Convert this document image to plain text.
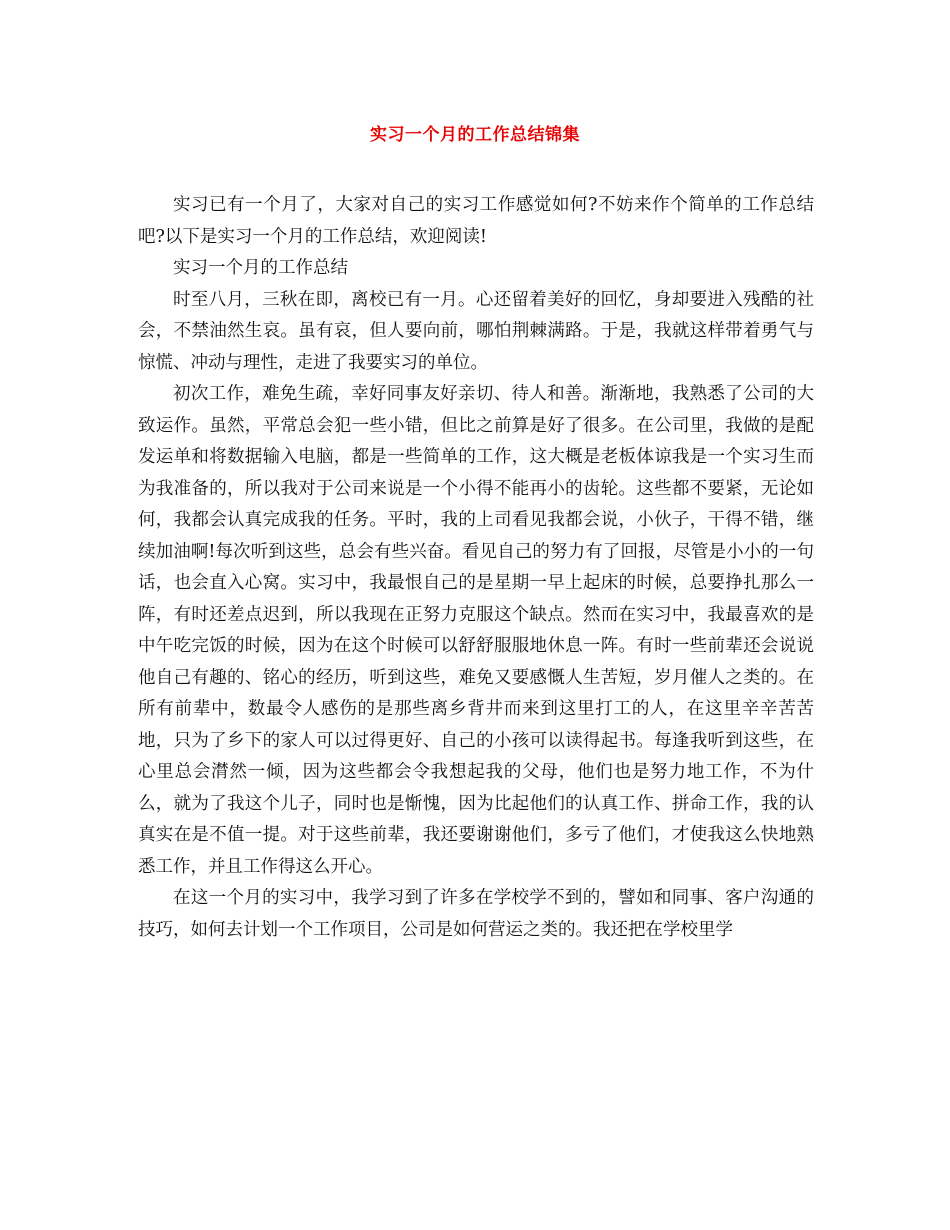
实习一个月的工作总结锦集

实习已有一个月了，大家对自己的实习工作感觉如何?不妨来作个简单的工作总结吧?以下是实习一个月的工作总结，欢迎阅读!

实习一个月的工作总结

时至八月，三秋在即，离校已有一月。心还留着美好的回忆，身却要进入残酷的社会，不禁油然生哀。虽有哀，但人要向前，哪怕荆棘满路。于是，我就这样带着勇气与惊慌、冲动与理性，走进了我要实习的单位。

初次工作，难免生疏，幸好同事友好亲切、待人和善。渐渐地，我熟悉了公司的大致运作。虽然，平常总会犯一些小错，但比之前算是好了很多。在公司里，我做的是配发运单和将数据输入电脑，都是一些简单的工作，这大概是老板体谅我是一个实习生而为我准备的，所以我对于公司来说是一个小得不能再小的齿轮。这些都不要紧，无论如何，我都会认真完成我的任务。平时，我的上司看见我都会说，小伙子，干得不错，继续加油啊!每次听到这些，总会有些兴奋。看见自己的努力有了回报，尽管是小小的一句话，也会直入心窝。实习中，我最恨自己的是星期一早上起床的时候，总要挣扎那么一阵，有时还差点迟到，所以我现在正努力克服这个缺点。然而在实习中，我最喜欢的是中午吃完饭的时候，因为在这个时候可以舒舒服服地休息一阵。有时一些前辈还会说说他自己有趣的、铭心的经历，听到这些，难免又要感慨人生苦短，岁月催人之类的。在所有前辈中，数最令人感伤的是那些离乡背井而来到这里打工的人，在这里辛辛苦苦地，只为了乡下的家人可以过得更好、自己的小孩可以读得起书。每逢我听到这些，在心里总会潸然一倾，因为这些都会令我想起我的父母，他们也是努力地工作，不为什么，就为了我这个儿子，同时也是惭愧，因为比起他们的认真工作、拼命工作，我的认真实在是不值一提。对于这些前辈，我还要谢谢他们，多亏了他们，才使我这么快地熟悉工作，并且工作得这么开心。

在这一个月的实习中，我学习到了许多在学校学不到的，譬如和同事、客户沟通的技巧，如何去计划一个工作项目，公司是如何营运之类的。我还把在学校里学
